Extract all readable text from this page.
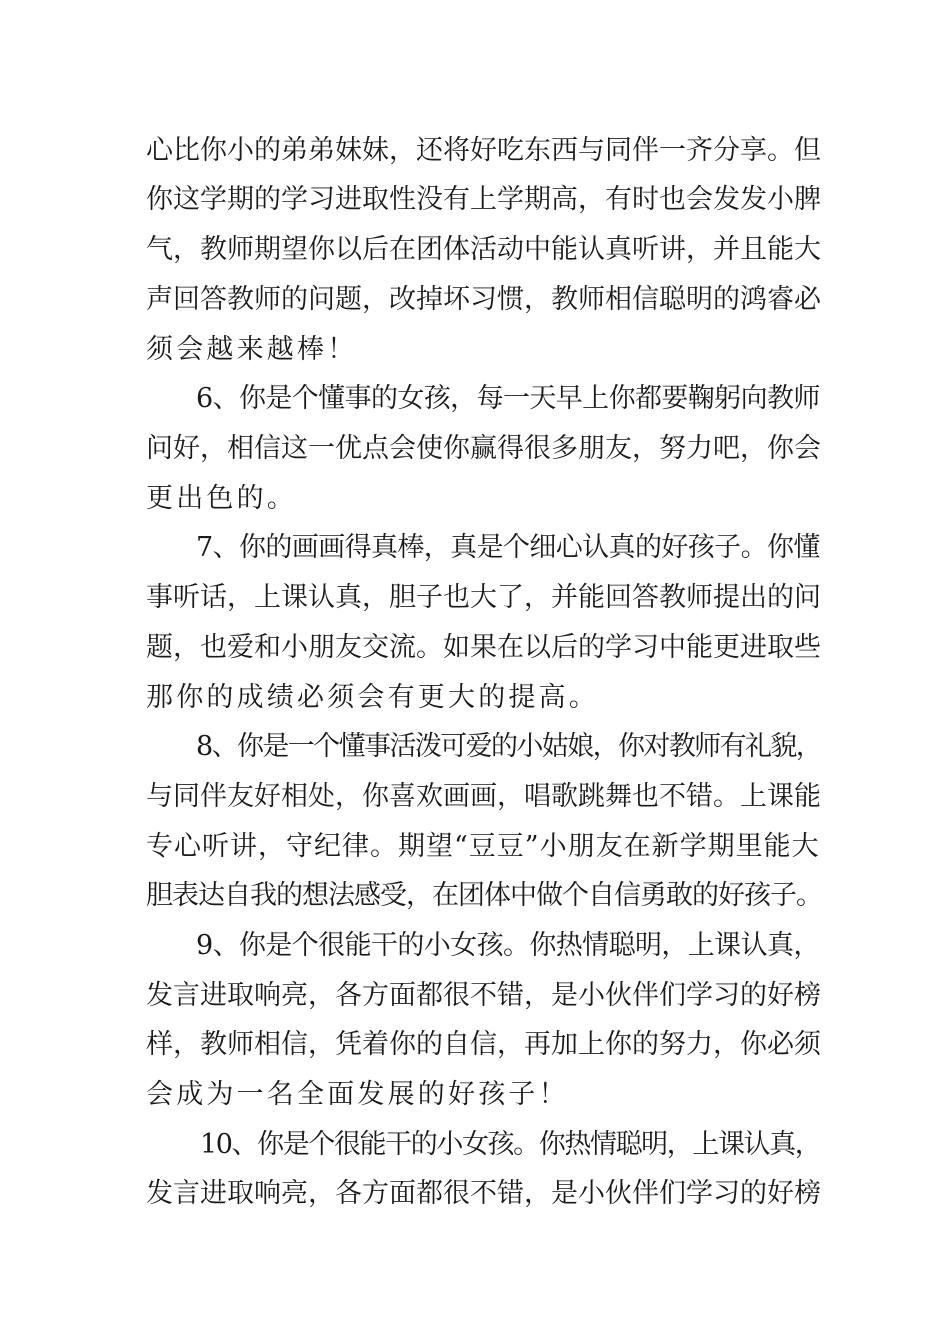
心比你小的弟弟妹妹，还将好吃东西与同伴一齐分享。但
你这学期的学习进取性没有上学期高，有时也会发发小脾
气，教师期望你以后在团体活动中能认真听讲，并且能大
声回答教师的问题，改掉坏习惯，教师相信聪明的鸿睿必
须会越来越棒！
6、你是个懂事的女孩，每一天早上你都要鞠躬向教师
问好，相信这一优点会使你赢得很多朋友，努力吧，你会
更出色的。
7、你的画画得真棒，真是个细心认真的好孩子。你懂
事听话，上课认真，胆子也大了，并能回答教师提出的问
题，也爱和小朋友交流。如果在以后的学习中能更进取些
那你的成绩必须会有更大的提高。
8、你是一个懂事活泼可爱的小姑娘，你对教师有礼貌，
与同伴友好相处，你喜欢画画，唱歌跳舞也不错。上课能
专心听讲，守纪律。期望“豆豆”小朋友在新学期里能大
胆表达自我的想法感受，在团体中做个自信勇敢的好孩子。
9、你是个很能干的小女孩。你热情聪明，上课认真，
发言进取响亮，各方面都很不错，是小伙伴们学习的好榜
样，教师相信，凭着你的自信，再加上你的努力，你必须
会成为一名全面发展的好孩子！
10、你是个很能干的小女孩。你热情聪明，上课认真，
发言进取响亮，各方面都很不错，是小伙伴们学习的好榜
